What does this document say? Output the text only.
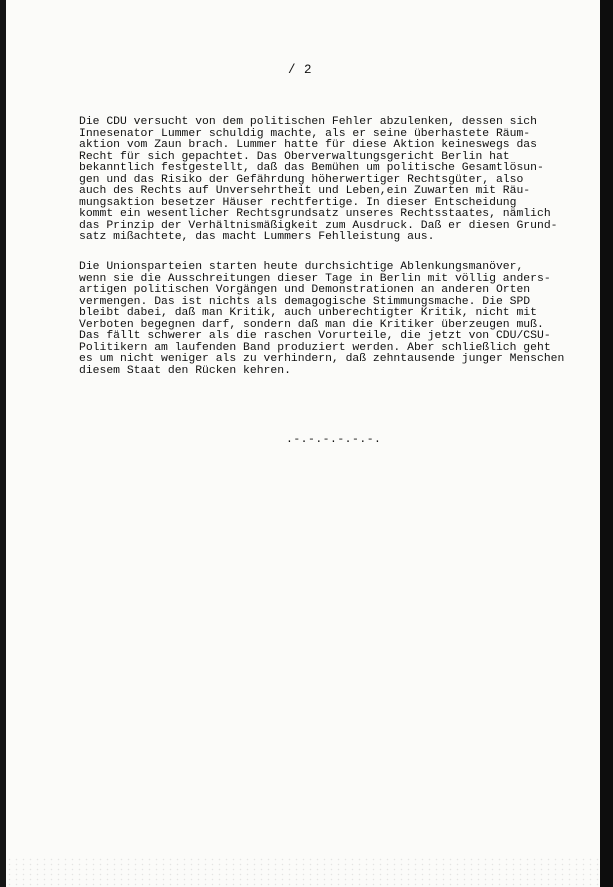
/ 2

Die CDU versucht von dem politischen Fehler abzulenken, dessen sich
Innesenator Lummer schuldig machte, als er seine überhastete Räum-
aktion vom Zaun brach. Lummer hatte für diese Aktion keineswegs das
Recht für sich gepachtet. Das Oberverwaltungsgericht Berlin hat
bekanntlich festgestellt, daß das Bemühen um politische Gesamtlösun-
gen und das Risiko der Gefährdung höherwertiger Rechtsgüter, also
auch des Rechts auf Unversehrtheit und Leben,ein Zuwarten mit Räu-
mungsaktion besetzer Häuser rechtfertige. In dieser Entscheidung
kommt ein wesentlicher Rechtsgrundsatz unseres Rechtsstaates, nämlich
das Prinzip der Verhältnismäßigkeit zum Ausdruck. Daß er diesen Grund-
satz mißachtete, das macht Lummers Fehlleistung aus.

Die Unionsparteien starten heute durchsichtige Ablenkungsmanöver,
wenn sie die Ausschreitungen dieser Tage in Berlin mit völlig anders-
artigen politischen Vorgängen und Demonstrationen an anderen Orten
vermengen. Das ist nichts als demagogische Stimmungsmache. Die SPD
bleibt dabei, daß man Kritik, auch unberechtigter Kritik, nicht mit
Verboten begegnen darf, sondern daß man die Kritiker überzeugen muß.
Das fällt schwerer als die raschen Vorurteile, die jetzt von CDU/CSU-
Politikern am laufenden Band produziert werden. Aber schließlich geht
es um nicht weniger als zu verhindern, daß zehntausende junger Menschen
diesem Staat den Rücken kehren.

.-.-.-.-.-.-.
